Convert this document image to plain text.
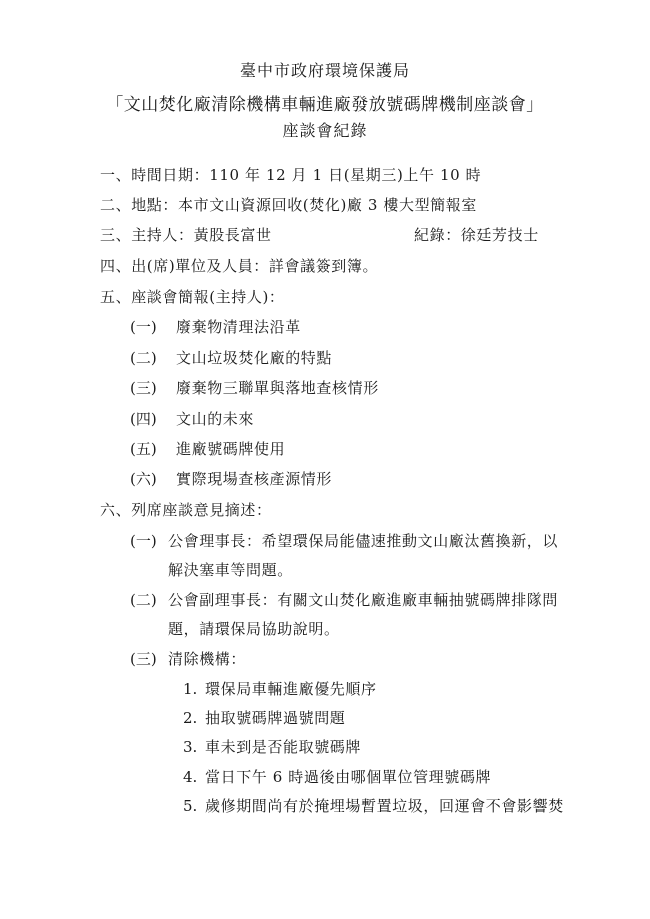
臺中市政府環境保護局
「文山焚化廠清除機構車輛進廠發放號碼牌機制座談會」
座談會紀錄
一、時間日期：110 年 12 月 1 日(星期三)上午 10 時
二、地點：本市文山資源回收(焚化)廠 3 樓大型簡報室
三、主持人：黃股長富世	紀錄：徐廷芳技士
四、出(席)單位及人員：詳會議簽到簿。
五、座談會簡報(主持人)：
(一) 廢棄物清理法沿革
(二) 文山垃圾焚化廠的特點
(三) 廢棄物三聯單與落地查核情形
(四) 文山的未來
(五) 進廠號碼牌使用
(六) 實際現場查核產源情形
六、列席座談意見摘述：
(一) 公會理事長：希望環保局能儘速推動文山廠汰舊換新，以
解決塞車等問題。
(二) 公會副理事長：有關文山焚化廠進廠車輛抽號碼牌排隊問
題，請環保局協助說明。
(三) 清除機構：
1. 環保局車輛進廠優先順序
2. 抽取號碼牌過號問題
3. 車未到是否能取號碼牌
4. 當日下午 6 時過後由哪個單位管理號碼牌
5. 歲修期間尚有於掩埋場暫置垃圾，回運會不會影響焚
